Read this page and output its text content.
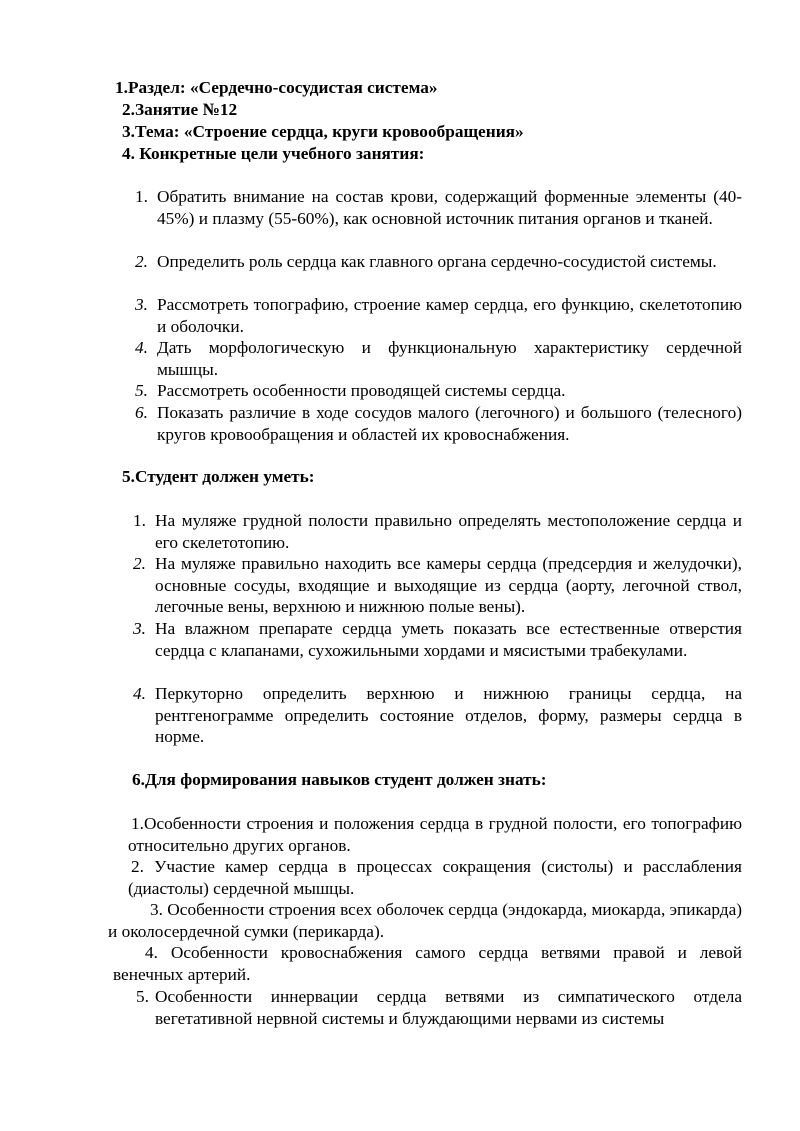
1.Раздел: «Сердечно-сосудистая система»
2.Занятие №12
3.Тема: «Строение сердца, круги кровообращения»
4. Конкретные цели учебного занятия:
1. Обратить внимание на состав крови, содержащий форменные элементы (40-45%) и плазму (55-60%), как основной источник питания органов и тканей.
2. Определить роль сердца как главного органа сердечно-сосудистой системы.
3. Рассмотреть топографию, строение камер сердца, его функцию, скелетотопию и оболочки.
4. Дать морфологическую и функциональную характеристику сердечной мышцы.
5. Рассмотреть особенности проводящей системы сердца.
6. Показать различие в ходе сосудов малого (легочного) и большого (телесного) кругов кровообращения и областей их кровоснабжения.
5.Студент должен уметь:
1. На муляже грудной полости правильно определять местоположение сердца и его скелетотопию.
2. На муляже правильно находить все камеры сердца (предсердия и желудочки), основные сосуды, входящие и выходящие из сердца (аорту, легочной ствол, легочные вены, верхнюю и нижнюю полые вены).
3. На влажном препарате сердца уметь показать все естественные отверстия сердца с клапанами, сухожильными хордами и мясистыми трабекулами.
4. Перкуторно определить верхнюю и нижнюю границы сердца, на рентгенограмме определить состояние отделов, форму, размеры сердца в норме.
6.Для формирования навыков студент должен знать:
1.Особенности строения и положения сердца в грудной полости, его топографию относительно других органов.
2. Участие камер сердца в процессах сокращения (систолы) и расслабления (диастолы) сердечной мышцы.
3. Особенности строения всех оболочек сердца (эндокарда, миокарда, эпикарда) и околосердечной сумки (перикарда).
4. Особенности кровоснабжения самого сердца ветвями правой и левой венечных артерий.
5. Особенности иннервации сердца ветвями из симпатического отдела вегетативной нервной системы и блуждающими нервами из системы
